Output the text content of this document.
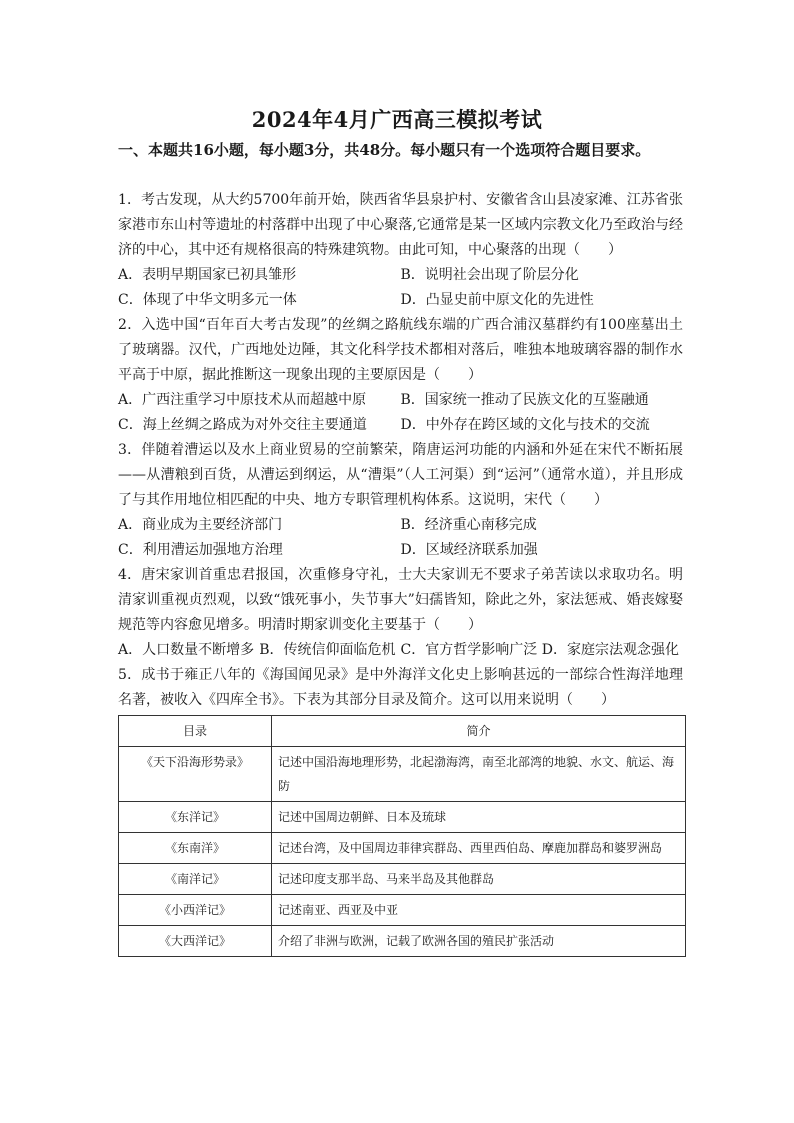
2024年4月广西高三模拟考试
一、本题共16小题，每小题3分，共48分。每小题只有一个选项符合题目要求。

1．考古发现，从大约5700年前开始，陕西省华县泉护村、安徽省含山县凌家滩、江苏省张家港市东山村等遗址的村落群中出现了中心聚落,它通常是某一区域内宗教文化乃至政治与经济的中心，其中还有规格很高的特殊建筑物。由此可知，中心聚落的出现（　　）

A．表明早期国家已初具雏形	B．说明社会出现了阶层分化
C．体现了中华文明多元一体	D．凸显史前中原文化的先进性

2．入选中国“百年百大考古发现”的丝绸之路航线东端的广西合浦汉墓群约有100座墓出土了玻璃器。汉代，广西地处边陲，其文化科学技术都相对落后，唯独本地玻璃容器的制作水平高于中原，据此推断这一现象出现的主要原因是（　　）

A．广西注重学习中原技术从而超越中原	B．国家统一推动了民族文化的互鉴融通
C．海上丝绸之路成为对外交往主要通道	D．中外存在跨区域的文化与技术的交流

3．伴随着漕运以及水上商业贸易的空前繁荣，隋唐运河功能的内涵和外延在宋代不断拓展——从漕粮到百货，从漕运到纲运，从“漕渠”（人工河渠）到“运河”（通常水道），并且形成了与其作用地位相匹配的中央、地方专职管理机构体系。这说明，宋代（　　）

A．商业成为主要经济部门	B．经济重心南移完成
C．利用漕运加强地方治理	D．区域经济联系加强

4．唐宋家训首重忠君报国，次重修身守礼，士大夫家训无不要求子弟苦读以求取功名。明清家训重视贞烈观，以致“饿死事小，失节事大”妇孺皆知，除此之外，家法惩戒、婚丧嫁娶规范等内容愈见增多。明清时期家训变化主要基于（　　）

A．人口数量不断增多 B．传统信仰面临危机 C．官方哲学影响广泛 D．家庭宗法观念强化

5．成书于雍正八年的《海国闻见录》是中外海洋文化史上影响甚远的一部综合性海洋地理名著，被收入《四库全书》。下表为其部分目录及简介。这可以用来说明（　　）

目录	简介
《天下沿海形势录》	记述中国沿海地理形势，北起渤海湾，南至北部湾的地貌、水文、航运、海防
《东洋记》	记述中国周边朝鲜、日本及琉球
《东南洋》	记述台湾，及中国周边菲律宾群岛、西里西伯岛、摩鹿加群岛和婆罗洲岛
《南洋记》	记述印度支那半岛、马来半岛及其他群岛
《小西洋记》	记述南亚、西亚及中亚
《大西洋记》	介绍了非洲与欧洲，记载了欧洲各国的殖民扩张活动
